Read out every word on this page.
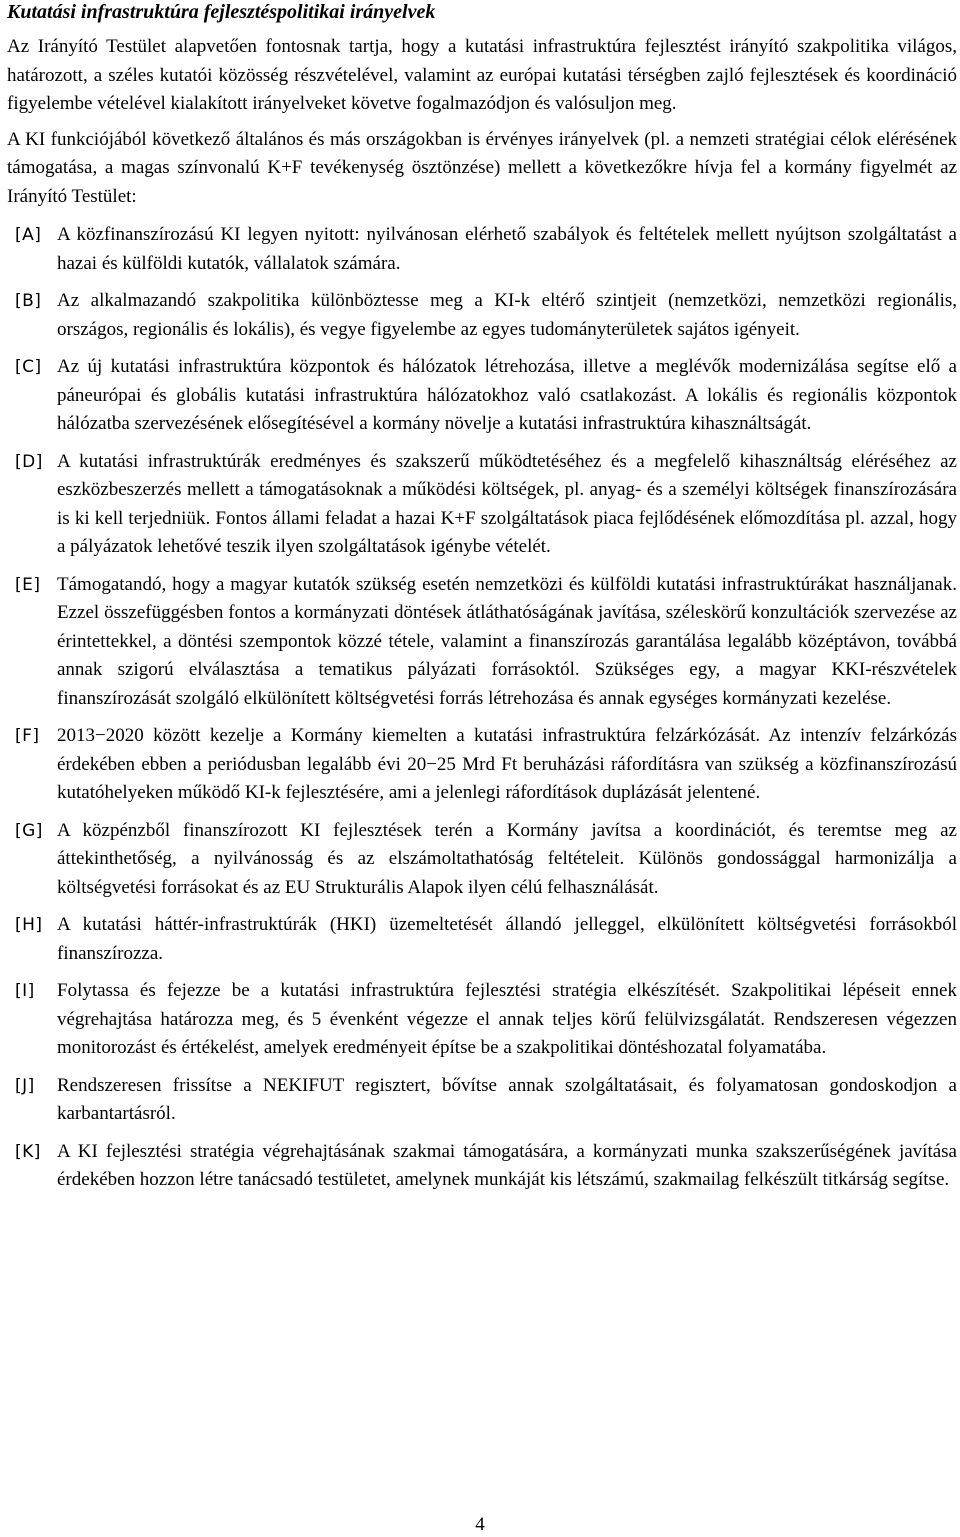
Kutatási infrastruktúra fejlesztéspolitikai irányelvek

Az Irányító Testület alapvetően fontosnak tartja, hogy a kutatási infrastruktúra fejlesztést irányító szakpolitika világos, határozott, a széles kutatói közösség részvételével, valamint az európai kutatási térségben zajló fejlesztések és koordináció figyelembe vételével kialakított irányelveket követve fogalmazódjon és valósuljon meg.

A KI funkciójából következő általános és más országokban is érvényes irányelvek (pl. a nemzeti stratégiai célok elérésének támogatása, a magas színvonalú K+F tevékenység ösztönzése) mellett a következőkre hívja fel a kormány figyelmét az Irányító Testület:

[A] A közfinanszírozású KI legyen nyitott: nyilvánosan elérhető szabályok és feltételek mellett nyújtson szolgáltatást a hazai és külföldi kutatók, vállalatok számára.
[B] Az alkalmazandó szakpolitika különböztesse meg a KI-k eltérő szintjeit (nemzetközi, nemzetközi regionális, országos, regionális és lokális), és vegye figyelembe az egyes tudományterületek sajátos igényeit.
[C] Az új kutatási infrastruktúra központok és hálózatok létrehozása, illetve a meglévők modernizálása segítse elő a páneurópai és globális kutatási infrastruktúra hálózatokhoz való csatlakozást. A lokális és regionális központok hálózatba szervezésének elősegítésével a kormány növelje a kutatási infrastruktúra kihasználtságát.
[D] A kutatási infrastruktúrák eredményes és szakszerű működtetéséhez és a megfelelő kihasználtság eléréséhez az eszközbeszerzés mellett a támogatásoknak a működési költségek, pl. anyag- és a személyi költségek finanszírozására is ki kell terjedniük. Fontos állami feladat a hazai K+F szolgáltatások piaca fejlődésének előmozdítása pl. azzal, hogy a pályázatok lehetővé teszik ilyen szolgáltatások igénybe vételét.
[E] Támogatandó, hogy a magyar kutatók szükség esetén nemzetközi és külföldi kutatási infrastruktúrákat használjanak. Ezzel összefüggésben fontos a kormányzati döntések átláthatóságának javítása, széleskörű konzultációk szervezése az érintettekkel, a döntési szempontok közzé tétele, valamint a finanszírozás garantálása legalább középtávon, továbbá annak szigorú elválasztása a tematikus pályázati forrásoktól. Szükséges egy, a magyar KKI-részvételek finanszírozását szolgáló elkülönített költségvetési forrás létrehozása és annak egységes kormányzati kezelése.
[F] 2013−2020 között kezelje a Kormány kiemelten a kutatási infrastruktúra felzárkózását. Az intenzív felzárkózás érdekében ebben a periódusban legalább évi 20−25 Mrd Ft beruházási ráfordításra van szükség a közfinanszírozású kutatóhelyeken működő KI-k fejlesztésére, ami a jelenlegi ráfordítások duplázását jelentené.
[G] A közpénzből finanszírozott KI fejlesztések terén a Kormány javítsa a koordinációt, és teremtse meg az áttekinthetőség, a nyilvánosság és az elszámoltathatóság feltételeit. Különös gondossággal harmonizálja a költségvetési forrásokat és az EU Strukturális Alapok ilyen célú felhasználását.
[H] A kutatási háttér-infrastruktúrák (HKI) üzemeltetését állandó jelleggel, elkülönített költségvetési forrásokból finanszírozza.
[I]	Folytassa és fejezze be a kutatási infrastruktúra fejlesztési stratégia elkészítését. Szakpolitikai lépéseit ennek végrehajtása határozza meg, és 5 évenként végezze el annak teljes körű felülvizsgálatát. Rendszeresen végezzen monitorozást és értékelést, amelyek eredményeit építse be a szakpolitikai döntéshozatal folyamatába.
[J]	Rendszeresen frissítse a NEKIFUT regisztert, bővítse annak szolgáltatásait, és folyamatosan gondoskodjon a karbantartásról.
[K] A KI fejlesztési stratégia végrehajtásának szakmai támogatására, a kormányzati munka szakszerűségének javítása érdekében hozzon létre tanácsadó testületet, amelynek munkáját kis létszámú, szakmailag felkészült titkárság segítse.
4
